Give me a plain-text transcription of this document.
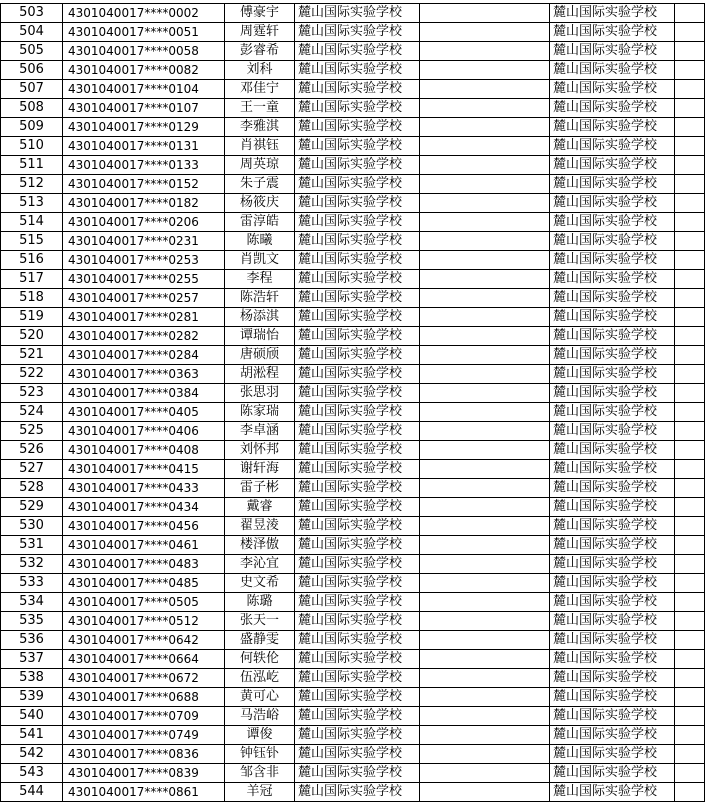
503	4301040017****0002	傅豪宇	麓山国际实验学校		麓山国际实验学校	
504	4301040017****0051	周霆轩	麓山国际实验学校		麓山国际实验学校	
505	4301040017****0058	彭睿希	麓山国际实验学校		麓山国际实验学校	
506	4301040017****0082	刘科	麓山国际实验学校		麓山国际实验学校	
507	4301040017****0104	邓佳宁	麓山国际实验学校		麓山国际实验学校	
508	4301040017****0107	王一童	麓山国际实验学校		麓山国际实验学校	
509	4301040017****0129	李雅淇	麓山国际实验学校		麓山国际实验学校	
510	4301040017****0131	肖祺钰	麓山国际实验学校		麓山国际实验学校	
511	4301040017****0133	周英琼	麓山国际实验学校		麓山国际实验学校	
512	4301040017****0152	朱子震	麓山国际实验学校		麓山国际实验学校	
513	4301040017****0182	杨筱庆	麓山国际实验学校		麓山国际实验学校	
514	4301040017****0206	雷淳皓	麓山国际实验学校		麓山国际实验学校	
515	4301040017****0231	陈曦	麓山国际实验学校		麓山国际实验学校	
516	4301040017****0253	肖凯文	麓山国际实验学校		麓山国际实验学校	
517	4301040017****0255	李程	麓山国际实验学校		麓山国际实验学校	
518	4301040017****0257	陈浩轩	麓山国际实验学校		麓山国际实验学校	
519	4301040017****0281	杨添淇	麓山国际实验学校		麓山国际实验学校	
520	4301040017****0282	谭瑞怡	麓山国际实验学校		麓山国际实验学校	
521	4301040017****0284	唐硕颀	麓山国际实验学校		麓山国际实验学校	
522	4301040017****0363	胡淞程	麓山国际实验学校		麓山国际实验学校	
523	4301040017****0384	张思羽	麓山国际实验学校		麓山国际实验学校	
524	4301040017****0405	陈家瑞	麓山国际实验学校		麓山国际实验学校	
525	4301040017****0406	李卓涵	麓山国际实验学校		麓山国际实验学校	
526	4301040017****0408	刘怀邦	麓山国际实验学校		麓山国际实验学校	
527	4301040017****0415	谢轩海	麓山国际实验学校		麓山国际实验学校	
528	4301040017****0433	雷子彬	麓山国际实验学校		麓山国际实验学校	
529	4301040017****0434	戴睿	麓山国际实验学校		麓山国际实验学校	
530	4301040017****0456	翟昱淩	麓山国际实验学校		麓山国际实验学校	
531	4301040017****0461	楼泽傲	麓山国际实验学校		麓山国际实验学校	
532	4301040017****0483	李沁宜	麓山国际实验学校		麓山国际实验学校	
533	4301040017****0485	史文希	麓山国际实验学校		麓山国际实验学校	
534	4301040017****0505	陈璐	麓山国际实验学校		麓山国际实验学校	
535	4301040017****0512	张天一	麓山国际实验学校		麓山国际实验学校	
536	4301040017****0642	盛静雯	麓山国际实验学校		麓山国际实验学校	
537	4301040017****0664	何轶伦	麓山国际实验学校		麓山国际实验学校	
538	4301040017****0672	伍泓屹	麓山国际实验学校		麓山国际实验学校	
539	4301040017****0688	黄可心	麓山国际实验学校		麓山国际实验学校	
540	4301040017****0709	马浩峪	麓山国际实验学校		麓山国际实验学校	
541	4301040017****0749	谭俊	麓山国际实验学校		麓山国际实验学校	
542	4301040017****0836	钟钰钋	麓山国际实验学校		麓山国际实验学校	
543	4301040017****0839	邹含非	麓山国际实验学校		麓山国际实验学校	
544	4301040017****0861	羊冠	麓山国际实验学校		麓山国际实验学校	
